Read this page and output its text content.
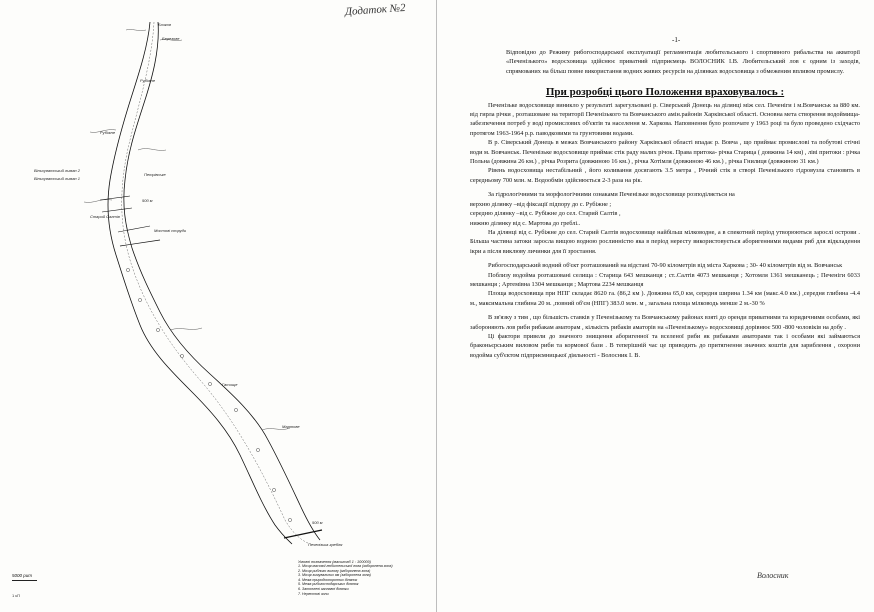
Додаток №2
Бочков
Березове
Рубіжне
Рубіжне
Петрівське
Вільхуватський лиман 2
Вільхуватський лиман 1
Старий Салтів
500 м
Мостові споруди
Гатище
Мартове
500 м
Печенізька гребля
Умовні позначення (масштаб 1 : 100000)
1. Місця масової любительської лова (заборонена зона)
2. Місця рибного вилову (заборонена зона)
3. Місця зимувальних ям (заборонена зона)
4. Межа природоохоронних ділянок
5. Межа рибогосподарських ділянок
6. Затоплені заплавні ділянки
7. Нерестові зони
5000 рит
1 кП
-1-

Відповідно до Режиму рибогосподарської експлуатації регламентація любительського і спортивного рибальства на акваторії «Печенізького» водосховища здійснює приватний підприємець ВОЛОСНИК І.В. Любительський лов є одним із заходів, спрямованих на більш повне використання водних живих ресурсів на ділянках водосховища з обмеженим впливом промислу.

При розробці цього Положення враховувалось :

Печенізьке водосховище виникло у результаті зарегульовані р. Сіверський Донець на ділянці між сел. Печеніги і м.Вовчанськ за 880 км. від гирла річки , розташоване на території Печенізького та Вовчанського амін.районів Харківської області. Основна мета створення водоймища- забезпечення потреб у воді промислових об'єктів та населення м. Харкова. Наповнення було розпочате у 1963 році та було проведено східчасто протягом 1963-1964 р.р. паводковими та грунтовими водами.

В р. Сіверський Донець в межах Вовчанського району Харківської області впадає р. Вовча , що приймає промислові та побутові стічні води м. Вовчанськ. Печенізьке водосховище приймає стік раду малих річок. Права притока- річка Старица ( довжина 14 км) , ліві притоки : річка Польна (довжина 26 км.) , річка Розрита (довжиною 16 км.) , річка Хотімля (довжиною 46 км.) , річка Гнилиця (довжиною 31 км.)

Рівень водосховища нестабільний , його коливання досягають 3.5 метра , Річний стік в створі Печенізького гідровузла становить в середньому 700 млн. м. Водообмін здійснюється 2-3 раза на рік.

За гідрологічними та морфологічними ознаками Печенізьке водосховище розподіляється на

верхню ділянку –від фіксації підпору до с. Рубіжне ;

середню ділянку –від с. Рубіжне до сел. Старий Салтів ,

нижню ділянку від с. Мартова до греблі..

На ділянці від с. Рубіжне до сел. Старий Салтів водосховище найбільш мілководне, а в спекотний період утворюються зарослі острови . Більша частина затоки заросла вищою водною рослинністю яка в період нересту використовується аборигенними видами риб для відкладення ікри а після виклюву личинки для її зростання.

Рибогосподарський водний об'єкт розташований на відстані 70-90 кілометрів від міста Харкова ; 30- 40 кілометрів від м. Вовчанськ

Поблизу водойма розташовані селища : Старица 643 мешканця ; ст..Салтів 4073 мешканця ; Хотомля 1361 мешканець ; Печеніги 6033 мешканця ; Артемівна 1304 мешканця ; Мартова 2234 мешканця

Площа водосховища при НПГ складає 8620 га. (86,2 км ). Довжина 65,0 км, середня ширина 1.34 км (макс.4.0 км.) ,середня глибина -4.4 м., максимальна глибина 20 м. ,повний об'єм (НПГ) 383.0 млн. м , загальна площа мілководь менше 2 м.-30 %

В зв'язку з тим , що більшість ставків у Печенізькому та Вовчанському районах взяті до оренди приватними та юридичними особами, які забороняють лов риби рибакам аматорам , кількість рибаків аматорів на «Печенізькому» водосховищі дорівнює 500 -800 чоловіків на добу .

Ці фактори привели до значного знищення аборигенної та вселеної риби як рибаками аматорами так і особами які займаються браконьєрським виловом риби та кормової бази . В теперішній час це приводить до притягнення значних коштів для зариблення , охорони водойма суб'єктом підприємницької діяльності - Волосник І. В.

Волосник
